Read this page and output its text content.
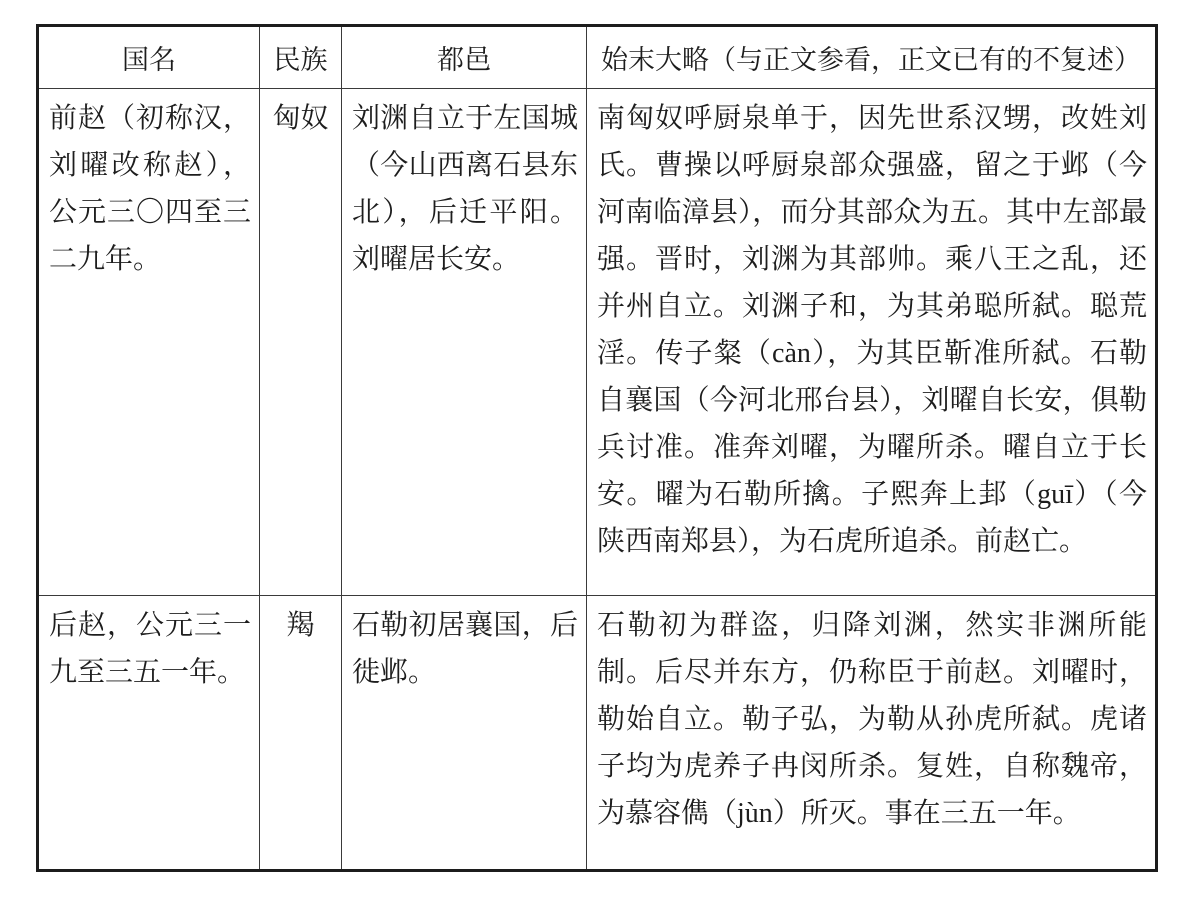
国名	民族	都邑	始末大略（与正文参看，正文已有的不复述）
前赵（初称汉，刘曜改称赵），公元三〇四至三二九年。	匈奴	刘渊自立于左国城（今山西离石县东北），后迁平阳。刘曜居长安。	南匈奴呼厨泉单于，因先世系汉甥，改姓刘氏。曹操以呼厨泉部众强盛，留之于邺（今河南临漳县），而分其部众为五。其中左部最强。晋时，刘渊为其部帅。乘八王之乱，还并州自立。刘渊子和，为其弟聪所弑。聪荒淫。传子粲（càn），为其臣靳准所弑。石勒自襄国（今河北邢台县），刘曜自长安，俱勒兵讨准。准奔刘曜，为曜所杀。曜自立于长安。曜为石勒所擒。子熙奔上邽（guī）（今陕西南郑县），为石虎所追杀。前赵亡。
后赵，公元三一九至三五一年。	羯	石勒初居襄国，后徙邺。	石勒初为群盗，归降刘渊，然实非渊所能制。后尽并东方，仍称臣于前赵。刘曜时，勒始自立。勒子弘，为勒从孙虎所弑。虎诸子均为虎养子冉闵所杀。复姓，自称魏帝，为慕容儁（jùn）所灭。事在三五一年。
